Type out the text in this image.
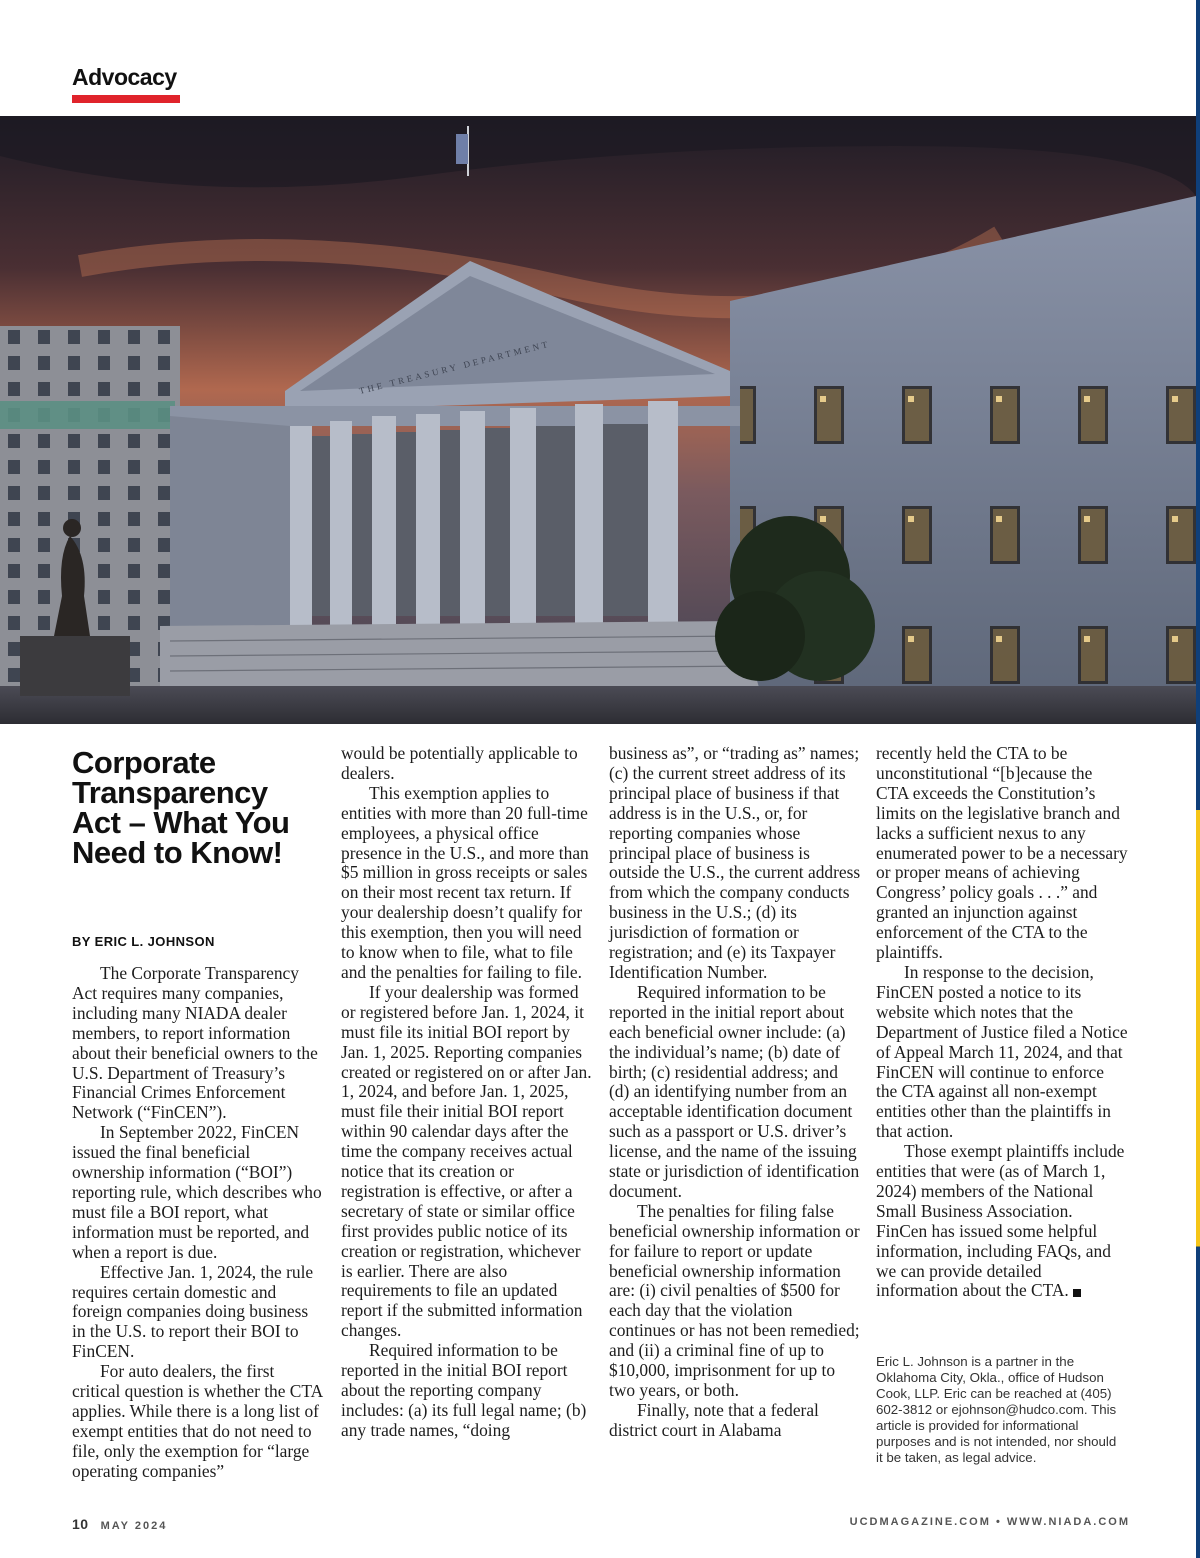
Advocacy
THE TREASURY DEPARTMENT
Corporate Transparency Act – What You Need to Know!
BY ERIC L. JOHNSON

The Corporate Transparency Act requires many companies, including many NIADA dealer members, to report information about their beneficial owners to the U.S. Department of Treasury’s Financial Crimes Enforcement Network (“FinCEN”).

In September 2022, FinCEN issued the final beneficial ownership information (“BOI”) reporting rule, which describes who must file a BOI report, what information must be reported, and when a report is due.

Effective Jan. 1, 2024, the rule requires certain domestic and foreign companies doing business in the U.S. to report their BOI to FinCEN.

For auto dealers, the first critical question is whether the CTA applies. While there is a long list of exempt entities that do not need to file, only the exemption for “large operating companies”

would be potentially applicable to dealers.

This exemption applies to entities with more than 20 full-time employees, a physical office presence in the U.S., and more than $5 million in gross receipts or sales on their most recent tax return. If your dealership doesn’t qualify for this exemption, then you will need to know when to file, what to file and the penalties for failing to file.

If your dealership was formed or registered before Jan. 1, 2024, it must file its initial BOI report by Jan. 1, 2025. Reporting companies created or registered on or after Jan. 1, 2024, and before Jan. 1, 2025, must file their initial BOI report within 90 calendar days after the time the company receives actual notice that its creation or registration is effective, or after a secretary of state or similar office first provides public notice of its creation or registration, whichever is earlier. There are also requirements to file an updated report if the submitted information changes.

Required information to be reported in the initial BOI report about the reporting company includes: (a) its full legal name; (b) any trade names, “doing

business as”, or “trading as” names; (c) the current street address of its principal place of business if that address is in the U.S., or, for reporting companies whose principal place of business is outside the U.S., the current address from which the company conducts business in the U.S.; (d) its jurisdiction of formation or registration; and (e) its Taxpayer Identification Number.

Required information to be reported in the initial report about each beneficial owner include: (a) the individual’s name; (b) date of birth; (c) residential address; and (d) an identifying number from an acceptable identification document such as a passport or U.S. driver’s license, and the name of the issuing state or jurisdiction of identification document.

The penalties for filing false beneficial ownership information or for failure to report or update beneficial ownership information are: (i) civil penalties of $500 for each day that the violation continues or has not been remedied; and (ii) a criminal fine of up to $10,000, imprisonment for up to two years, or both.

Finally, note that a federal district court in Alabama

recently held the CTA to be unconstitutional “[b]ecause the CTA exceeds the Constitution’s limits on the legislative branch and lacks a sufficient nexus to any enumerated power to be a necessary or proper means of achieving Congress’ policy goals . . .” and granted an injunction against enforcement of the CTA to the plaintiffs.

In response to the decision, FinCEN posted a notice to its website which notes that the Department of Justice filed a Notice of Appeal March 11, 2024, and that FinCEN will continue to enforce the CTA against all non-exempt entities other than the plaintiffs in that action.

Those exempt plaintiffs include entities that were (as of March 1, 2024) members of the National Small Business Association. FinCen has issued some helpful information, including FAQs, and we can provide detailed information about the CTA.

Eric L. Johnson is a partner in the Oklahoma City, Okla., office of Hudson Cook, LLP. Eric can be reached at (405) 602-3812 or ejohnson@hudco.com. This article is provided for informational purposes and is not intended, nor should it be taken, as legal advice.

10 MAY 2024	UCDMAGAZINE.COM • WWW.NIADA.COM
